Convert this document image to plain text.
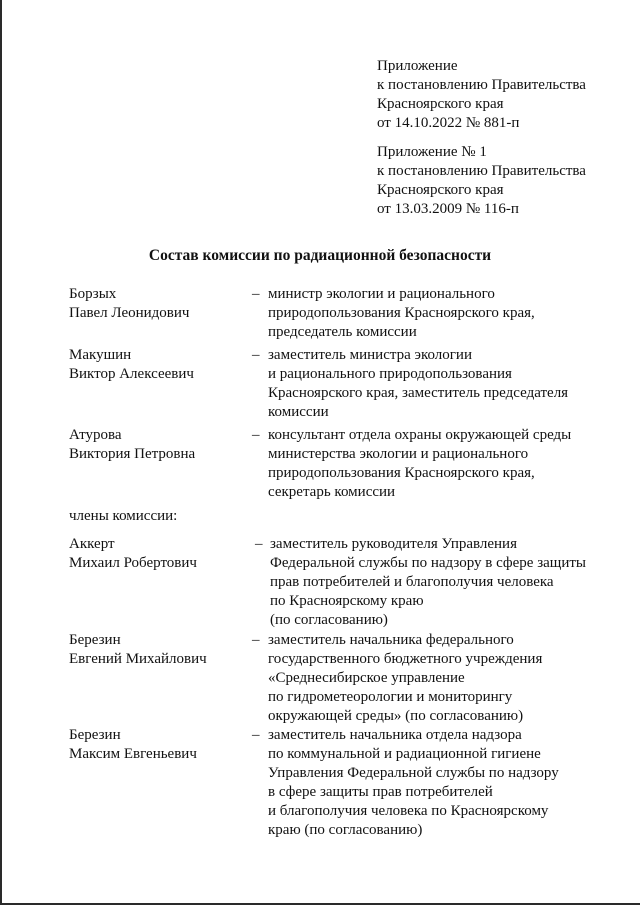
Приложение
к постановлению Правительства
Красноярского края
от 14.10.2022 № 881-п
Приложение № 1
к постановлению Правительства
Красноярского края
от 13.03.2009 № 116-п
Состав комиссии по радиационной безопасности
Борзых
Павел Леонидович
– министр экологии и рационального
природопользования Красноярского края,
председатель комиссии
Макушин
Виктор Алексеевич
– заместитель министра экологии
и рационального природопользования
Красноярского края, заместитель председателя
комиссии
Атурова
Виктория Петровна
– консультант отдела охраны окружающей среды
министерства экологии и рационального
природопользования Красноярского края,
секретарь комиссии
члены комиссии:
Аккерт
Михаил Робертович
– заместитель руководителя Управления
Федеральной службы по надзору в сфере защиты
прав потребителей и благополучия человека
по Красноярскому краю
(по согласованию)
Березин
Евгений Михайлович
– заместитель начальника федерального
государственного бюджетного учреждения
«Среднесибирское управление
по гидрометеорологии и мониторингу
окружающей среды» (по согласованию)
Березин
Максим Евгеньевич
– заместитель начальника отдела надзора
по коммунальной и радиационной гигиене
Управления Федеральной службы по надзору
в сфере защиты прав потребителей
и благополучия человека по Красноярскому
краю (по согласованию)
